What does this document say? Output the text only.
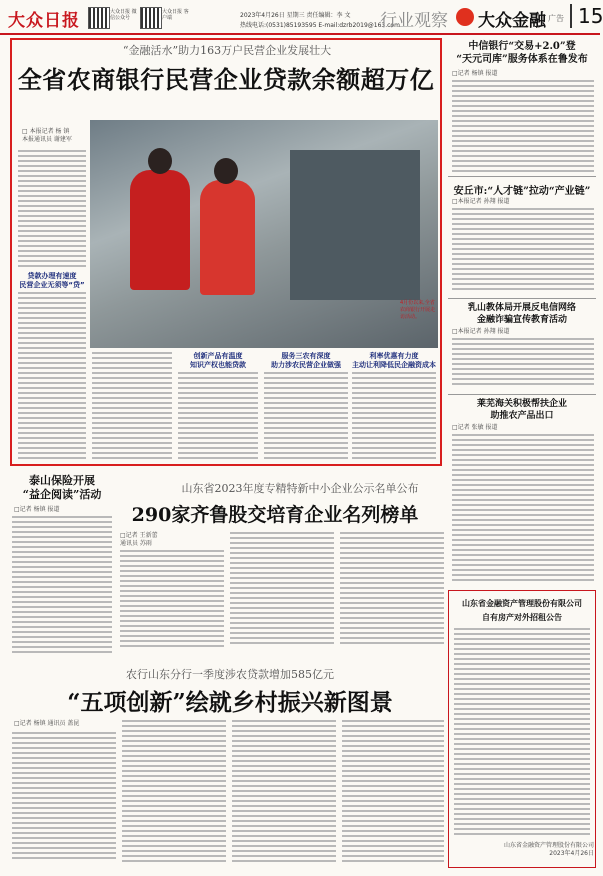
大众日报	大众日报 微信公众号
大众日报 客户端	2023年4月26日 星期三 责任编辑：李 文
热线电话:(0531)85193595 E-mail:dzrb2019@163.com
行业观察 大众金融 广告 15
“金融活水”助力163万户民营企业发展壮大
全省农商银行民营企业贷款余额超万亿
□ 本报记者 杨 镇
本报通讯员 谢建军
贷款办理有速度
民营企业无须等“贷”
4月份以来,全省农商银行开展走访活动。
创新产品有温度
知识产权也能贷款
服务三农有深度
助力涉农民营企业做强
利率优惠有力度
主动让利降低民企融资成本
中信银行“交易+2.0”登
“天元司库”服务体系在鲁发布
□记者 杨镇 报道
安丘市:“人才链”拉动“产业链”
□本报记者 孙翔 报道
乳山教体局开展反电信网络
金融诈骗宣传教育活动
□本报记者 孙翔 报道
莱芜海关积极帮扶企业
助推农产品出口
□记者 张敏 报道
山东省金融资产管理股份有限公司
自有房产对外招租公告
山东省金融资产管理股份有限公司
2023年4月26日
泰山保险开展
“益企阅读”活动
□记者 杨镇 报道
山东省2023年度专精特新中小企业公示名单公布
290家齐鲁股交培育企业名列榜单
□记者 王新蕾
通讯员 苏雨
农行山东分行一季度涉农贷款增加585亿元
“五项创新”绘就乡村振兴新图景
□记者 杨镇 通讯员 盖昆
